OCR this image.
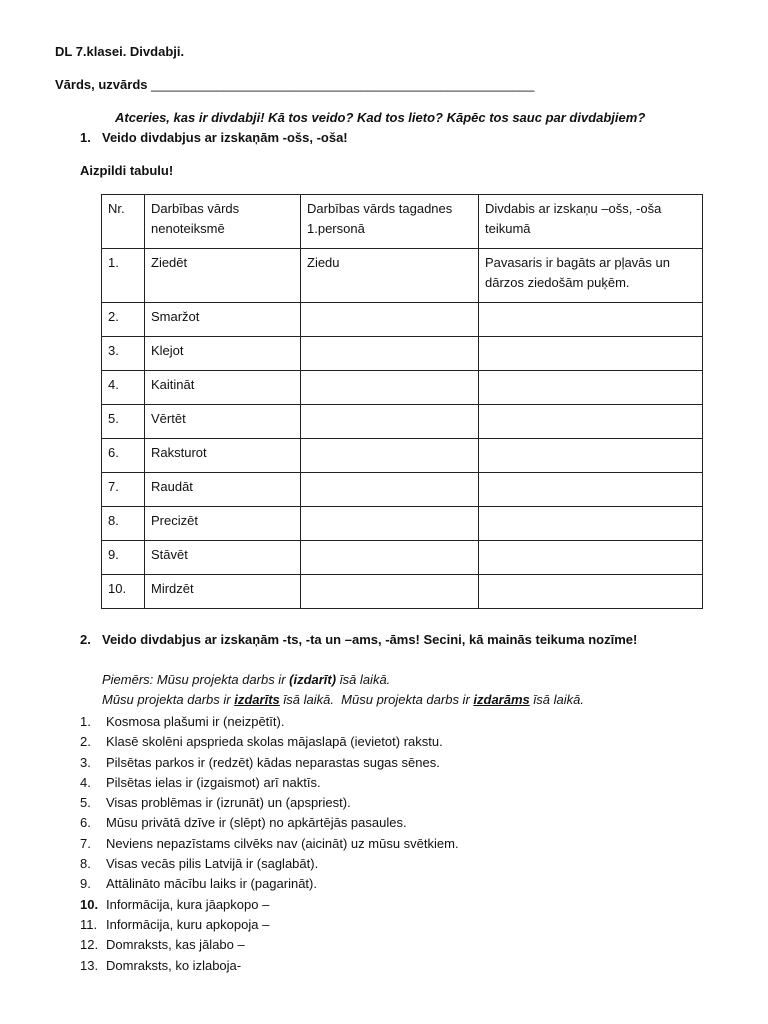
DL 7.klasei. Divdabji.
Vārds, uzvārds _____________________________________________________
Atceries, kas ir divdabji! Kā tos veido? Kad tos lieto? Kāpēc tos sauc par divdabjiem?
1. Veido divdabjus ar izskaņām -ošs, -oša!
Aizpildi tabulu!
Nr.	Darbības vārds nenoteiksmē	Darbības vārds tagadnes 1.personā	Divdabis ar izskaņu –ošs, -oša teikumā
1.	Ziedēt	Ziedu	Pavasaris ir bagāts ar pļavās un dārzos ziedošām puķēm.
2.	Smaržot		
3.	Klejot		
4.	Kaitināt		
5.	Vērtēt		
6.	Raksturot		
7.	Raudāt		
8.	Precizēt		
9.	Stāvēt		
10.	Mirdzēt		
2. Veido divdabjus ar izskaņām -ts, -ta un –ams, -āms! Secini, kā mainās teikuma nozīme!
Piemērs: Mūsu projekta darbs ir (izdarīt) īsā laikā.
Mūsu projekta darbs ir izdarīts īsā laikā.  Mūsu projekta darbs ir izdarāms īsā laikā.
1. Kosmosa plašumi ir (neizpētīt).
2. Klasē skolēni apsprieda skolas mājaslapā (ievietot) rakstu.
3. Pilsētas parkos ir (redzēt) kādas neparastas sugas sēnes.
4. Pilsētas ielas ir (izgaismot) arī naktīs.
5. Visas problēmas ir (izrunāt) un (apspriest).
6. Mūsu privātā dzīve ir (slēpt) no apkārtējās pasaules.
7. Neviens nepazīstams cilvēks nav (aicināt) uz mūsu svētkiem.
8. Visas vecās pilis Latvijā ir (saglabāt).
9. Attālināto mācību laiks ir (pagarināt).
10. Informācija, kura jāapkopo –
11. Informācija, kuru apkopoja –
12. Domraksts, kas jālabo –
13. Domraksts, ko izlaboja-
